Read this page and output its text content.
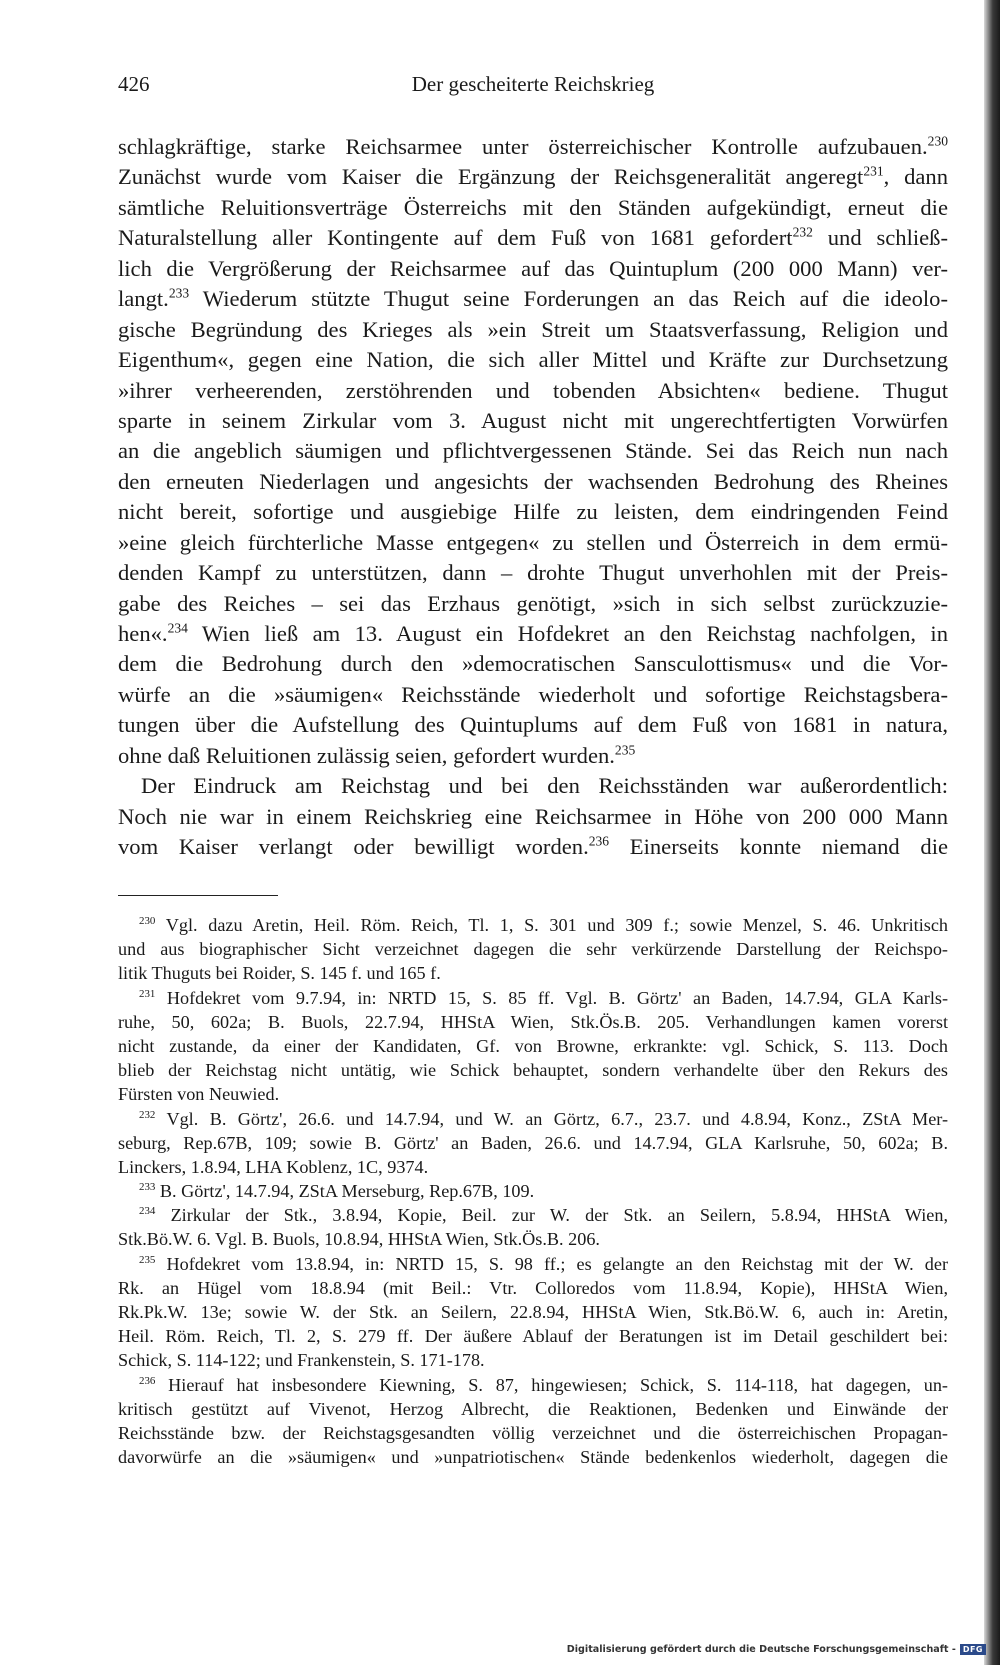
426	Der gescheiterte Reichskrieg
schlagkräftige, starke Reichsarmee unter österreichischer Kontrolle aufzubauen.$^{230}$
Zunächst wurde vom Kaiser die Ergänzung der Reichsgeneralität angeregt$^{231}$, dann
sämtliche Reluitionsverträge Österreichs mit den Ständen aufgekündigt, erneut die
Naturalstellung aller Kontingente auf dem Fuß von 1681 gefordert$^{232}$ und schließ-
lich die Vergrößerung der Reichsarmee auf das Quintuplum (200 000 Mann) ver-
langt.$^{233}$ Wiederum stützte Thugut seine Forderungen an das Reich auf die ideolo-
gische Begründung des Krieges als »ein Streit um Staatsverfassung, Religion und
Eigenthum«, gegen eine Nation, die sich aller Mittel und Kräfte zur Durchsetzung
»ihrer verheerenden, zerstöhrenden und tobenden Absichten« bediene. Thugut
sparte in seinem Zirkular vom 3. August nicht mit ungerechtfertigten Vorwürfen
an die angeblich säumigen und pflichtvergessenen Stände. Sei das Reich nun nach
den erneuten Niederlagen und angesichts der wachsenden Bedrohung des Rheines
nicht bereit, sofortige und ausgiebige Hilfe zu leisten, dem eindringenden Feind
»eine gleich fürchterliche Masse entgegen« zu stellen und Österreich in dem ermü-
denden Kampf zu unterstützen, dann – drohte Thugut unverhohlen mit der Preis-
gabe des Reiches – sei das Erzhaus genötigt, »sich in sich selbst zurückzuzie-
hen«.$^{234}$ Wien ließ am 13. August ein Hofdekret an den Reichstag nachfolgen, in
dem die Bedrohung durch den »democratischen Sansculottismus« und die Vor-
würfe an die »säumigen« Reichsstände wiederholt und sofortige Reichstagsbera-
tungen über die Aufstellung des Quintuplums auf dem Fuß von 1681 in natura,
ohne daß Reluitionen zulässig seien, gefordert wurden.$^{235}$
Der Eindruck am Reichstag und bei den Reichsständen war außerordentlich:
Noch nie war in einem Reichskrieg eine Reichsarmee in Höhe von 200 000 Mann
vom Kaiser verlangt oder bewilligt worden.$^{236}$ Einerseits konnte niemand die
$^{230}$ Vgl. dazu Aretin, Heil. Röm. Reich, Tl. 1, S. 301 und 309 f.; sowie Menzel, S. 46. Unkritisch
und aus biographischer Sicht verzeichnet dagegen die sehr verkürzende Darstellung der Reichspo-
litik Thuguts bei Roider, S. 145 f. und 165 f.
$^{231}$ Hofdekret vom 9.7.94, in: NRTD 15, S. 85 ff. Vgl. B. Görtz' an Baden, 14.7.94, GLA Karls-
ruhe, 50, 602a; B. Buols, 22.7.94, HHStA Wien, Stk.Ös.B. 205. Verhandlungen kamen vorerst
nicht zustande, da einer der Kandidaten, Gf. von Browne, erkrankte: vgl. Schick, S. 113. Doch
blieb der Reichstag nicht untätig, wie Schick behauptet, sondern verhandelte über den Rekurs des
Fürsten von Neuwied.
$^{232}$ Vgl. B. Görtz', 26.6. und 14.7.94, und W. an Görtz, 6.7., 23.7. und 4.8.94, Konz., ZStA Mer-
seburg, Rep.67B, 109; sowie B. Görtz' an Baden, 26.6. und 14.7.94, GLA Karlsruhe, 50, 602a; B.
Linckers, 1.8.94, LHA Koblenz, 1C, 9374.
$^{233}$ B. Görtz', 14.7.94, ZStA Merseburg, Rep.67B, 109.
$^{234}$ Zirkular der Stk., 3.8.94, Kopie, Beil. zur W. der Stk. an Seilern, 5.8.94, HHStA Wien,
Stk.Bö.W. 6. Vgl. B. Buols, 10.8.94, HHStA Wien, Stk.Ös.B. 206.
$^{235}$ Hofdekret vom 13.8.94, in: NRTD 15, S. 98 ff.; es gelangte an den Reichstag mit der W. der
Rk. an Hügel vom 18.8.94 (mit Beil.: Vtr. Colloredos vom 11.8.94, Kopie), HHStA Wien,
Rk.Pk.W. 13e; sowie W. der Stk. an Seilern, 22.8.94, HHStA Wien, Stk.Bö.W. 6, auch in: Aretin,
Heil. Röm. Reich, Tl. 2, S. 279 ff. Der äußere Ablauf der Beratungen ist im Detail geschildert bei:
Schick, S. 114-122; und Frankenstein, S. 171-178.
$^{236}$ Hierauf hat insbesondere Kiewning, S. 87, hingewiesen; Schick, S. 114-118, hat dagegen, un-
kritisch gestützt auf Vivenot, Herzog Albrecht, die Reaktionen, Bedenken und Einwände der
Reichsstände bzw. der Reichstagsgesandten völlig verzeichnet und die österreichischen Propagan-
davorwürfe an die »säumigen« und »unpatriotischen« Stände bedenkenlos wiederholt, dagegen die
Digitalisierung gefördert durch die Deutsche Forschungsgemeinschaft - DFG
